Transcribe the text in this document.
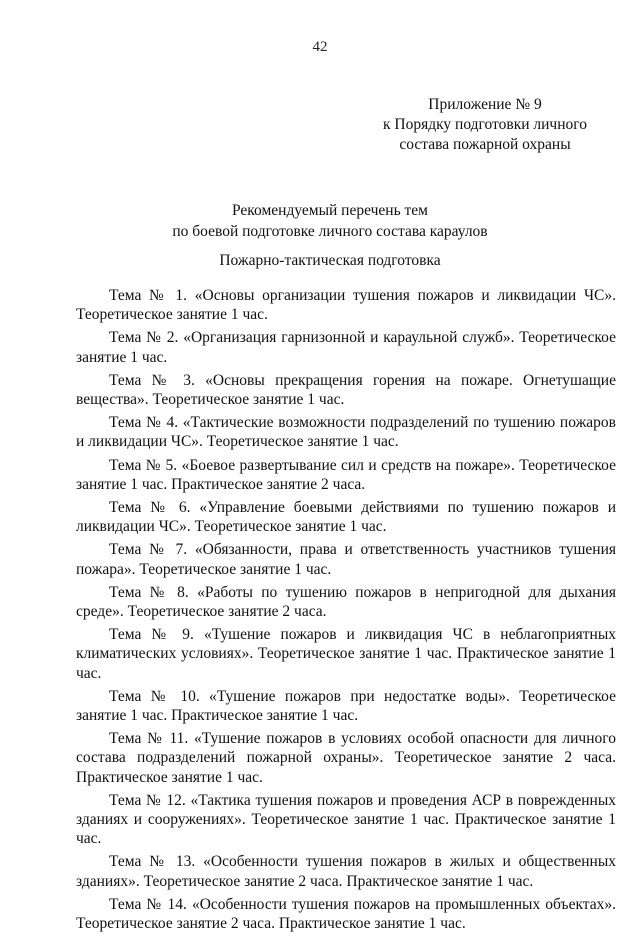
42
Приложение № 9
к Порядку подготовки личного
состава пожарной охраны
Рекомендуемый перечень тем
по боевой подготовке личного состава караулов
Пожарно-тактическая подготовка

Тема № 1. «Основы организации тушения пожаров и ликвидации ЧС». Теоретическое занятие 1 час.

Тема № 2. «Организация гарнизонной и караульной служб». Теоретическое занятие 1 час.

Тема № 3. «Основы прекращения горения на пожаре. Огнетушащие вещества». Теоретическое занятие 1 час.

Тема № 4. «Тактические возможности подразделений по тушению пожаров и ликвидации ЧС». Теоретическое занятие 1 час.

Тема № 5. «Боевое развертывание сил и средств на пожаре». Теоретическое занятие 1 час. Практическое занятие 2 часа.

Тема № 6. «Управление боевыми действиями по тушению пожаров и ликвидации ЧС». Теоретическое занятие 1 час.

Тема № 7. «Обязанности, права и ответственность участников тушения пожара». Теоретическое занятие 1 час.

Тема № 8. «Работы по тушению пожаров в непригодной для дыхания среде». Теоретическое занятие 2 часа.

Тема № 9. «Тушение пожаров и ликвидация ЧС в неблагоприятных климатических условиях». Теоретическое занятие 1 час. Практическое занятие 1 час.

Тема № 10. «Тушение пожаров при недостатке воды». Теоретическое занятие 1 час. Практическое занятие 1 час.

Тема № 11. «Тушение пожаров в условиях особой опасности для личного состава подразделений пожарной охраны». Теоретическое занятие 2 часа. Практическое занятие 1 час.

Тема № 12. «Тактика тушения пожаров и проведения АСР в поврежденных зданиях и сооружениях». Теоретическое занятие 1 час. Практическое занятие 1 час.

Тема № 13. «Особенности тушения пожаров в жилых и общественных зданиях». Теоретическое занятие 2 часа. Практическое занятие 1 час.

Тема № 14. «Особенности тушения пожаров на промышленных объектах». Теоретическое занятие 2 часа. Практическое занятие 1 час.
